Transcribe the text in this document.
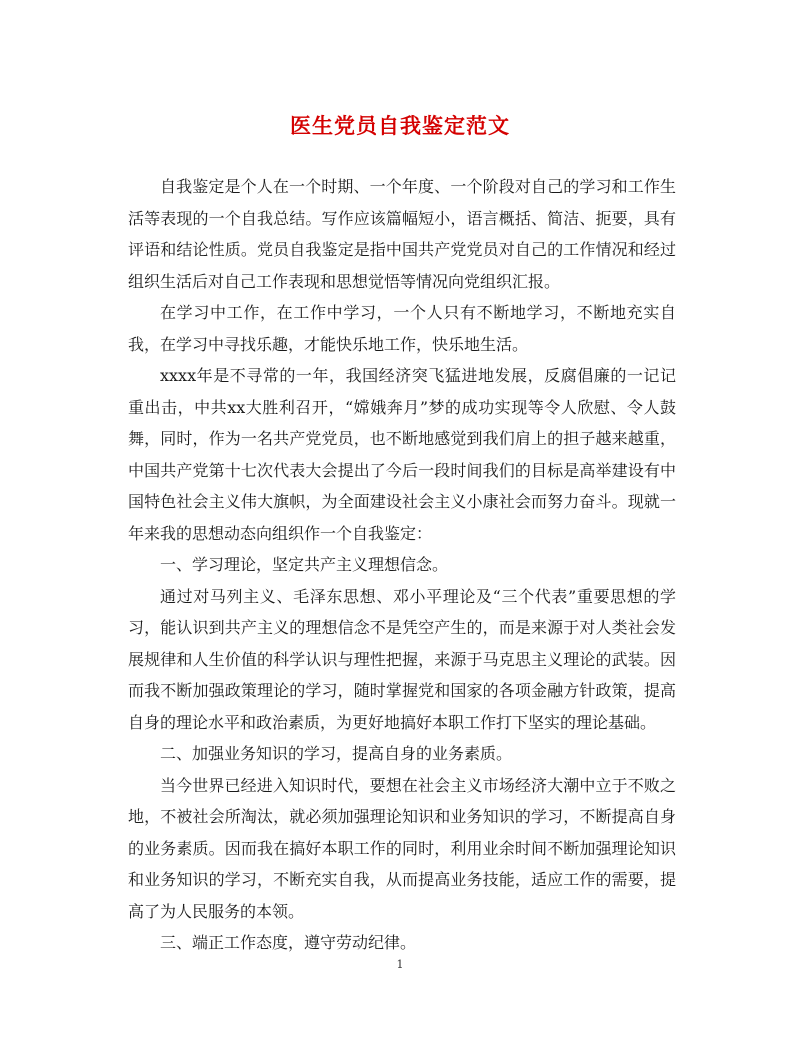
医生党员自我鉴定范文

自我鉴定是个人在一个时期、一个年度、一个阶段对自己的学习和工作生活等表现的一个自我总结。写作应该篇幅短小，语言概括、简洁、扼要，具有评语和结论性质。党员自我鉴定是指中国共产党党员对自己的工作情况和经过组织生活后对自己工作表现和思想觉悟等情况向党组织汇报。

在学习中工作，在工作中学习，一个人只有不断地学习，不断地充实自我，在学习中寻找乐趣，才能快乐地工作，快乐地生活。

xxxx年是不寻常的一年，我国经济突飞猛进地发展，反腐倡廉的一记记重出击，中共xx大胜利召开，“嫦娥奔月”梦的成功实现等令人欣慰、令人鼓舞，同时，作为一名共产党党员，也不断地感觉到我们肩上的担子越来越重，中国共产党第十七次代表大会提出了今后一段时间我们的目标是高举建设有中国特色社会主义伟大旗帜，为全面建设社会主义小康社会而努力奋斗。现就一年来我的思想动态向组织作一个自我鉴定：

一、学习理论，坚定共产主义理想信念。

通过对马列主义、毛泽东思想、邓小平理论及“三个代表”重要思想的学习，能认识到共产主义的理想信念不是凭空产生的，而是来源于对人类社会发展规律和人生价值的科学认识与理性把握，来源于马克思主义理论的武装。因而我不断加强政策理论的学习，随时掌握党和国家的各项金融方针政策，提高自身的理论水平和政治素质，为更好地搞好本职工作打下坚实的理论基础。

二、加强业务知识的学习，提高自身的业务素质。

当今世界已经进入知识时代，要想在社会主义市场经济大潮中立于不败之地，不被社会所淘汰，就必须加强理论知识和业务知识的学习，不断提高自身的业务素质。因而我在搞好本职工作的同时，利用业余时间不断加强理论知识和业务知识的学习，不断充实自我，从而提高业务技能，适应工作的需要，提高了为人民服务的本领。

三、端正工作态度，遵守劳动纪律。

1
